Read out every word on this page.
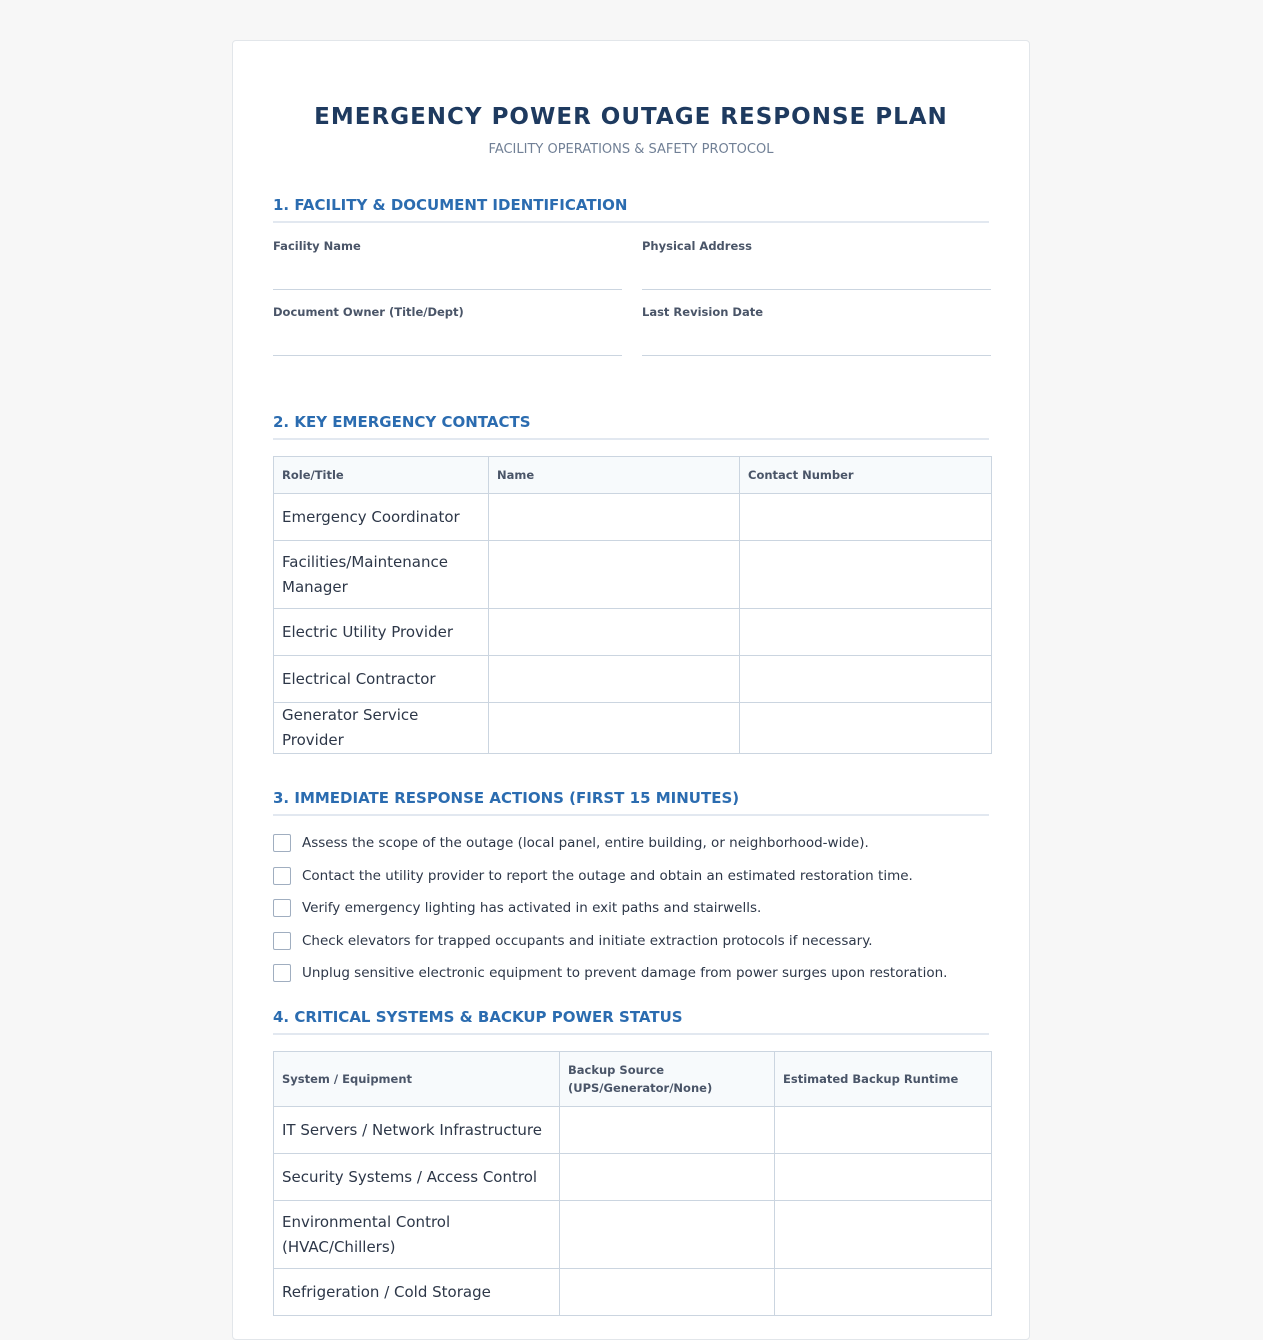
EMERGENCY POWER OUTAGE RESPONSE PLAN
FACILITY OPERATIONS & SAFETY PROTOCOL
1. FACILITY & DOCUMENT IDENTIFICATION
Facility Name	Physical Address
Document Owner (Title/Dept)	Last Revision Date
2. KEY EMERGENCY CONTACTS
Role/Title	Name	Contact Number
Emergency Coordinator		
Facilities/Maintenance Manager		
Electric Utility Provider		
Electrical Contractor		
Generator Service Provider		
3. IMMEDIATE RESPONSE ACTIONS (FIRST 15 MINUTES)
Assess the scope of the outage (local panel, entire building, or neighborhood-wide).
Contact the utility provider to report the outage and obtain an estimated restoration time.
Verify emergency lighting has activated in exit paths and stairwells.
Check elevators for trapped occupants and initiate extraction protocols if necessary.
Unplug sensitive electronic equipment to prevent damage from power surges upon restoration.
4. CRITICAL SYSTEMS & BACKUP POWER STATUS
System / Equipment	Backup Source (UPS/Generator/None)	Estimated Backup Runtime
IT Servers / Network Infrastructure		
Security Systems / Access Control		
Environmental Control (HVAC/Chillers)		
Refrigeration / Cold Storage		
